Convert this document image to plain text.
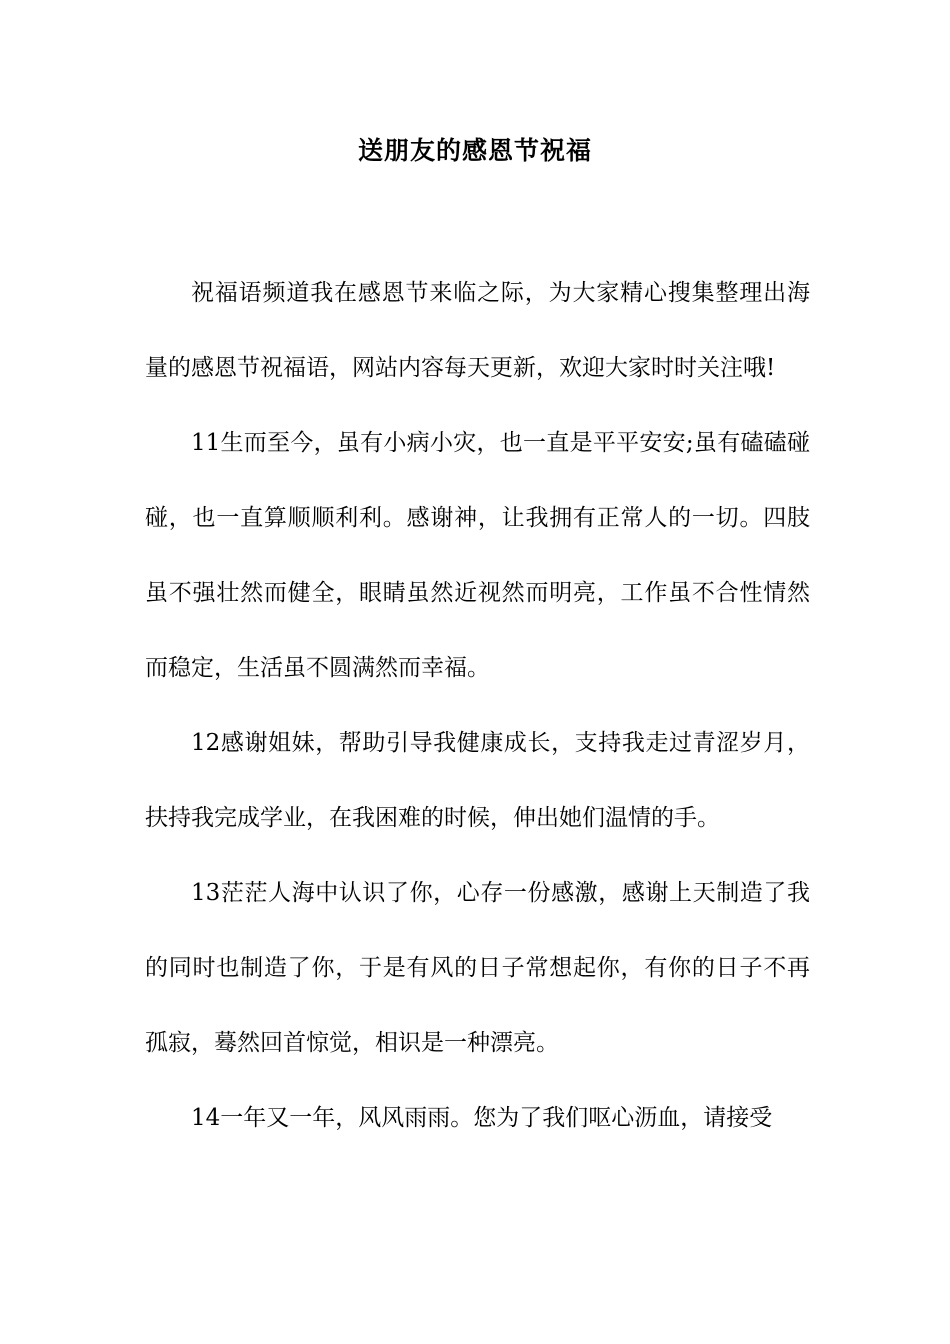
送朋友的感恩节祝福

祝福语频道我在感恩节来临之际，为大家精心搜集整理出海量的感恩节祝福语，网站内容每天更新，欢迎大家时时关注哦!

11生而至今，虽有小病小灾，也一直是平平安安;虽有磕磕碰碰，也一直算顺顺利利。感谢神，让我拥有正常人的一切。四肢虽不强壮然而健全，眼睛虽然近视然而明亮，工作虽不合性情然而稳定，生活虽不圆满然而幸福。

12感谢姐妹，帮助引导我健康成长，支持我走过青涩岁月，扶持我完成学业，在我困难的时候，伸出她们温情的手。

13茫茫人海中认识了你，心存一份感激，感谢上天制造了我的同时也制造了你，于是有风的日子常想起你，有你的日子不再孤寂，蓦然回首惊觉，相识是一种漂亮。

14一年又一年，风风雨雨。您为了我们呕心沥血，请接受
